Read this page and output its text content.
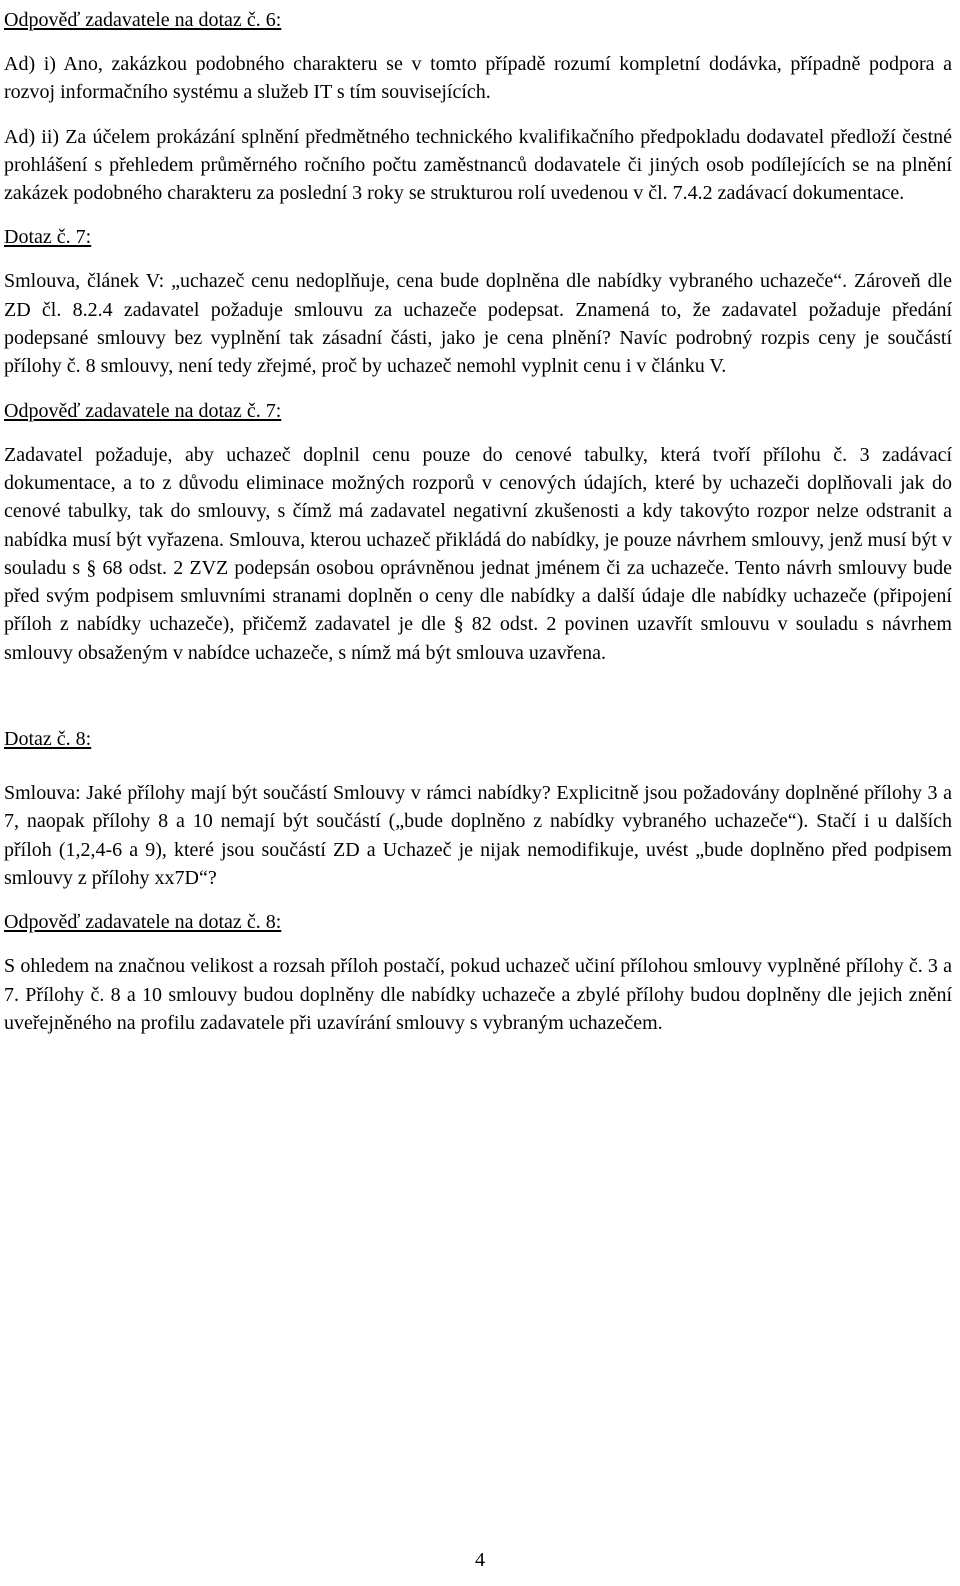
Odpověď zadavatele na dotaz č. 6:

Ad) i) Ano, zakázkou podobného charakteru se v tomto případě rozumí kompletní dodávka, případně podpora a rozvoj informačního systému a služeb IT s tím souvisejících.

Ad) ii) Za účelem prokázání splnění předmětného technického kvalifikačního předpokladu dodavatel předloží čestné prohlášení s přehledem průměrného ročního počtu zaměstnanců dodavatele či jiných osob podílejících se na plnění zakázek podobného charakteru za poslední 3 roky se strukturou rolí uvedenou v čl. 7.4.2 zadávací dokumentace.

Dotaz č. 7:

Smlouva, článek V: „uchazeč cenu nedoplňuje, cena bude doplněna dle nabídky vybraného uchazeče“. Zároveň dle ZD čl. 8.2.4 zadavatel požaduje smlouvu za uchazeče podepsat. Znamená to, že zadavatel požaduje předání podepsané smlouvy bez vyplnění tak zásadní části, jako je cena plnění? Navíc podrobný rozpis ceny je součástí přílohy č. 8 smlouvy, není tedy zřejmé, proč by uchazeč nemohl vyplnit cenu i v článku V.

Odpověď zadavatele na dotaz č. 7:

Zadavatel požaduje, aby uchazeč doplnil cenu pouze do cenové tabulky, která tvoří přílohu č. 3 zadávací dokumentace, a to z důvodu eliminace možných rozporů v cenových údajích, které by uchazeči doplňovali jak do cenové tabulky, tak do smlouvy, s čímž má zadavatel negativní zkušenosti a kdy takovýto rozpor nelze odstranit a nabídka musí být vyřazena. Smlouva, kterou uchazeč přikládá do nabídky, je pouze návrhem smlouvy, jenž musí být v souladu s § 68 odst. 2 ZVZ podepsán osobou oprávněnou jednat jménem či za uchazeče. Tento návrh smlouvy bude před svým podpisem smluvními stranami doplněn o ceny dle nabídky a další údaje dle nabídky uchazeče (připojení příloh z nabídky uchazeče), přičemž zadavatel je dle § 82 odst. 2 povinen uzavřít smlouvu v souladu s návrhem smlouvy obsaženým v nabídce uchazeče, s nímž má být smlouva uzavřena.

Dotaz č. 8:

Smlouva: Jaké přílohy mají být součástí Smlouvy v rámci nabídky? Explicitně jsou požadovány doplněné přílohy 3 a 7, naopak přílohy 8 a 10 nemají být součástí („bude doplněno z nabídky vybraného uchazeče“). Stačí i u dalších příloh (1,2,4-6 a 9), které jsou součástí ZD a Uchazeč je nijak nemodifikuje, uvést „bude doplněno před podpisem smlouvy z přílohy xx7D“?

Odpověď zadavatele na dotaz č. 8:

S ohledem na značnou velikost a rozsah příloh postačí, pokud uchazeč učiní přílohou smlouvy vyplněné přílohy č. 3 a 7. Přílohy č. 8 a 10 smlouvy budou doplněny dle nabídky uchazeče a zbylé přílohy budou doplněny dle jejich znění uveřejněného na profilu zadavatele při uzavírání smlouvy s vybraným uchazečem.

4
